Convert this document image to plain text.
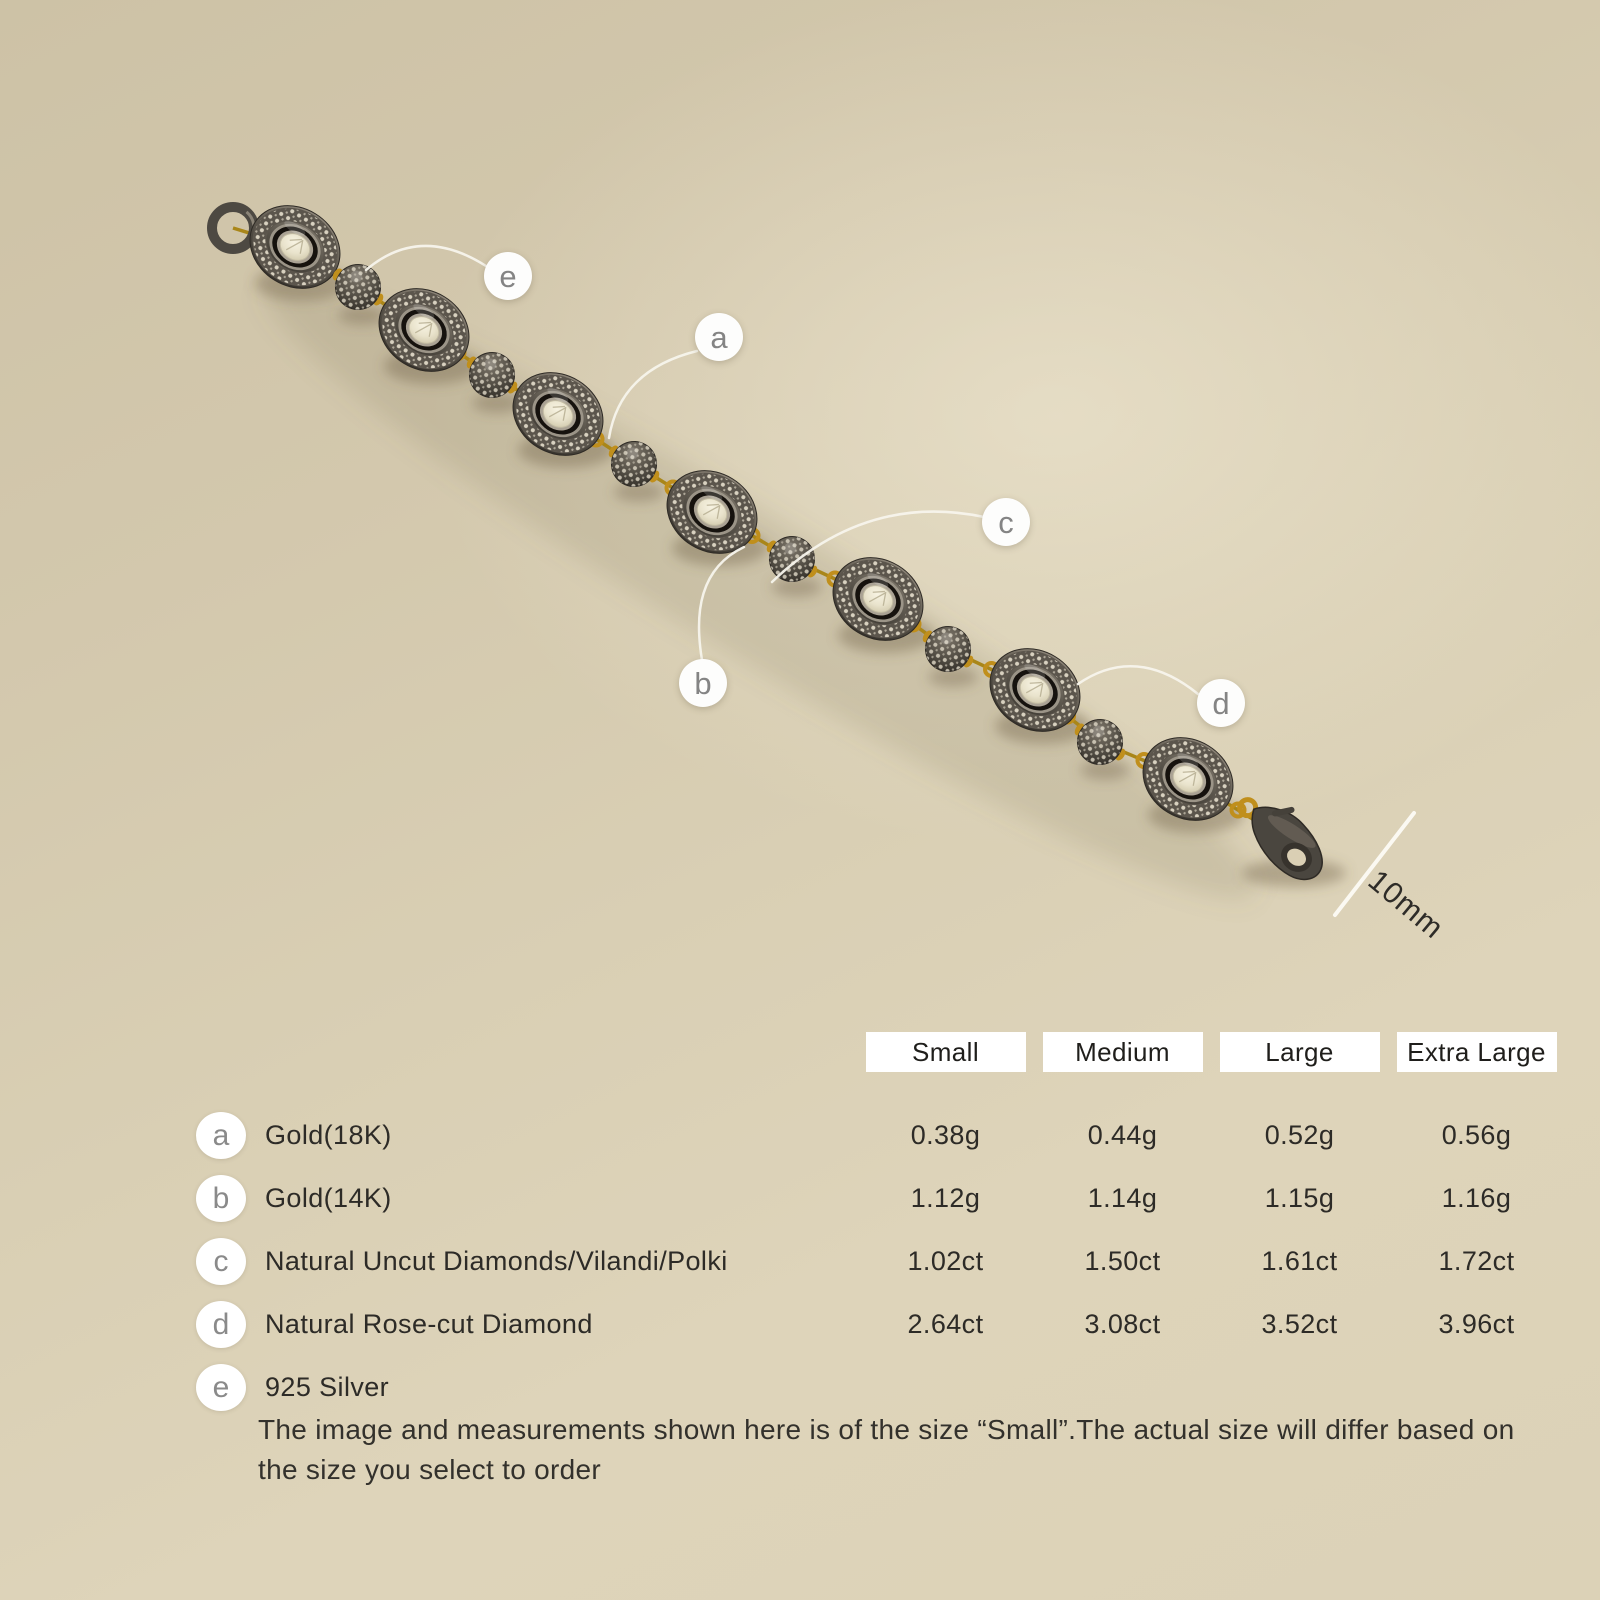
e
a
c
b
d
10mm
Small	Medium	Large	Extra Large
a	Gold(18K)	0.38g	0.44g	0.52g	0.56g
b	Gold(14K)	1.12g	1.14g	1.15g	1.16g
c	Natural Uncut Diamonds/Vilandi/Polki	1.02ct	1.50ct	1.61ct	1.72ct
d	Natural Rose-cut Diamond	2.64ct	3.08ct	3.52ct	3.96ct
e	925 Silver
The image and measurements shown here is of the size “Small”.The actual size will differ based on
the size you select to order
